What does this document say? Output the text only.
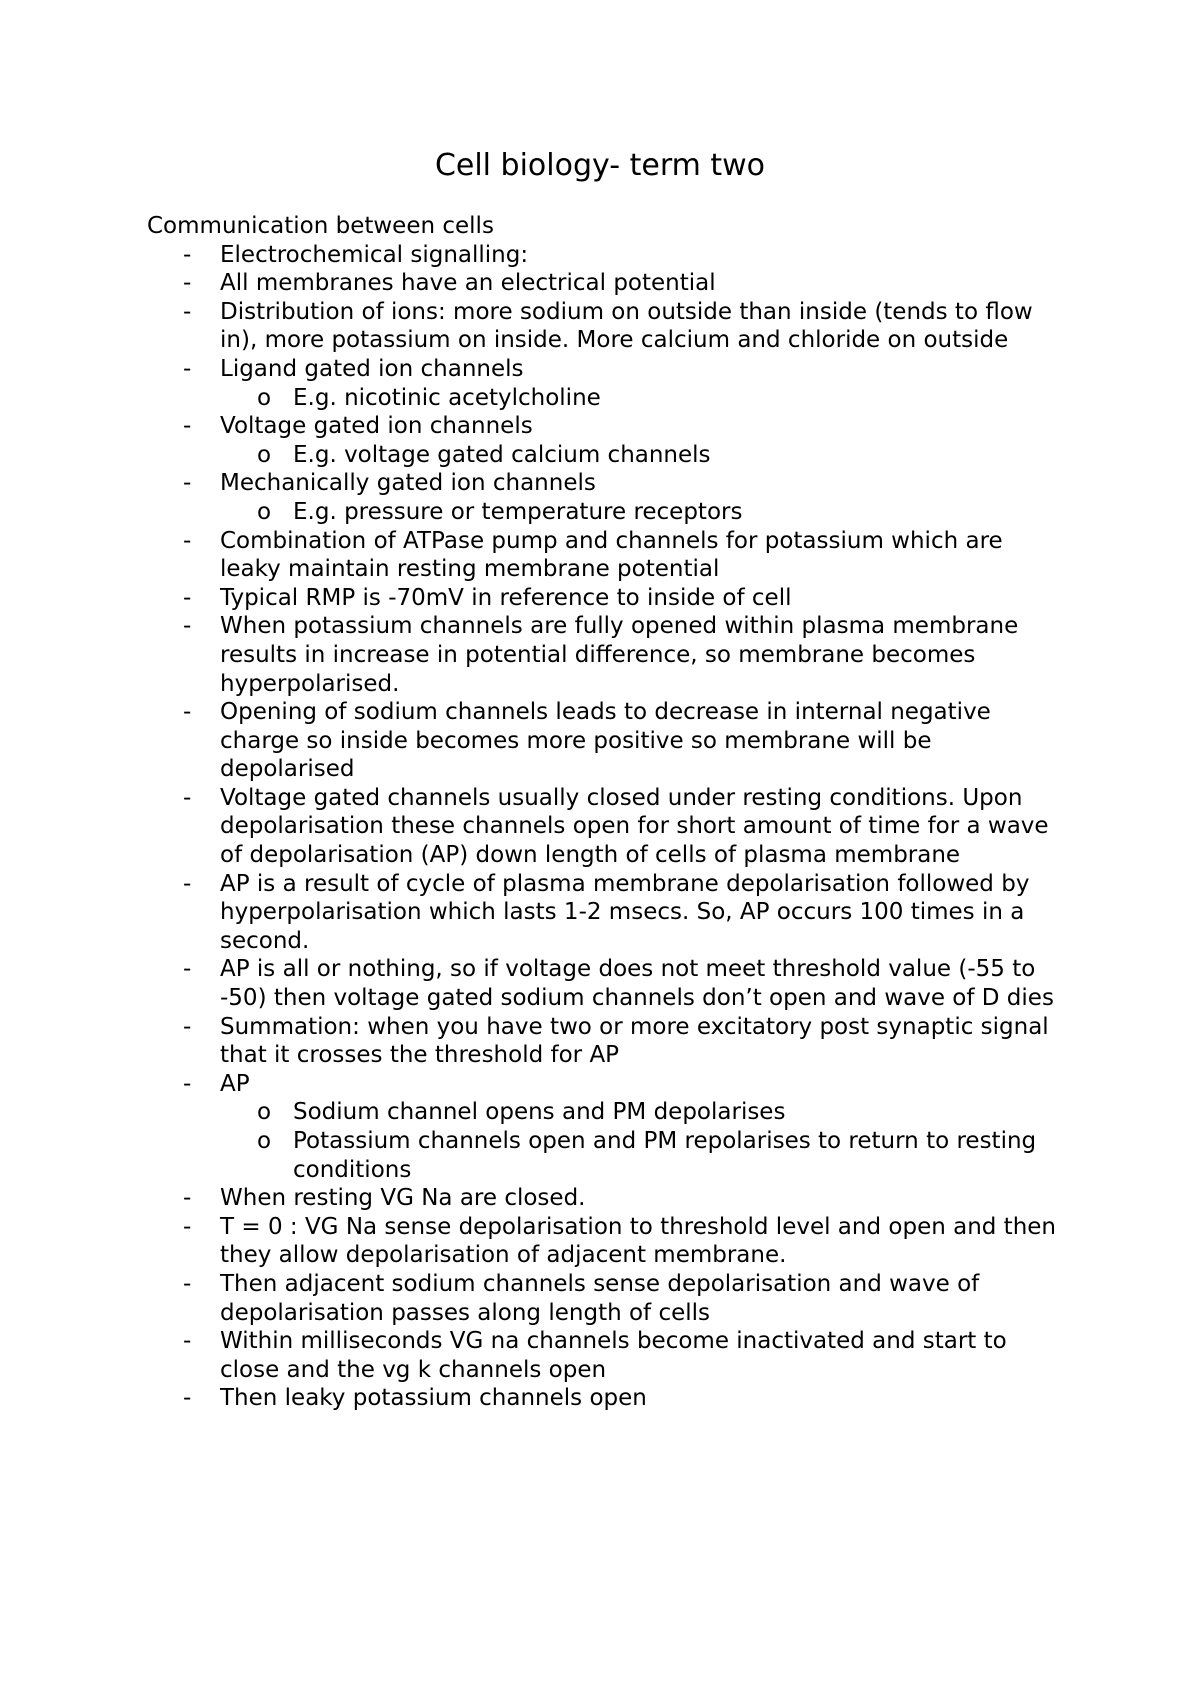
Cell biology- term two

Communication between cells

-	Electrochemical signalling:
-	All membranes have an electrical potential
-	Distribution of ions: more sodium on outside than inside (tends to flow in), more potassium on inside. More calcium and chloride on outside
-	Ligand gated ion channels
o E.g. nicotinic acetylcholine
-	Voltage gated ion channels
o E.g. voltage gated calcium channels
-	Mechanically gated ion channels
o E.g. pressure or temperature receptors
-	Combination of ATPase pump and channels for potassium which are leaky maintain resting membrane potential
-	Typical RMP is -70mV in reference to inside of cell
-	When potassium channels are fully opened within plasma membrane results in increase in potential difference, so membrane becomes hyperpolarised.
-	Opening of sodium channels leads to decrease in internal negative charge so inside becomes more positive so membrane will be depolarised
-	Voltage gated channels usually closed under resting conditions. Upon depolarisation these channels open for short amount of time for a wave of depolarisation (AP) down length of cells of plasma membrane
-	AP is a result of cycle of plasma membrane depolarisation followed by hyperpolarisation which lasts 1-2 msecs. So, AP occurs 100 times in a second.
-	AP is all or nothing, so if voltage does not meet threshold value (-55 to -50) then voltage gated sodium channels don’t open and wave of D dies
-	Summation: when you have two or more excitatory post synaptic signal that it crosses the threshold for AP
-	AP
o Sodium channel opens and PM depolarises
o Potassium channels open and PM repolarises to return to resting conditions
-	When resting VG Na are closed.
-	T = 0 : VG Na sense depolarisation to threshold level and open and then they allow depolarisation of adjacent membrane.
-	Then adjacent sodium channels sense depolarisation and wave of depolarisation passes along length of cells
-	Within milliseconds VG na channels become inactivated and start to close and the vg k channels open
-	Then leaky potassium channels open
